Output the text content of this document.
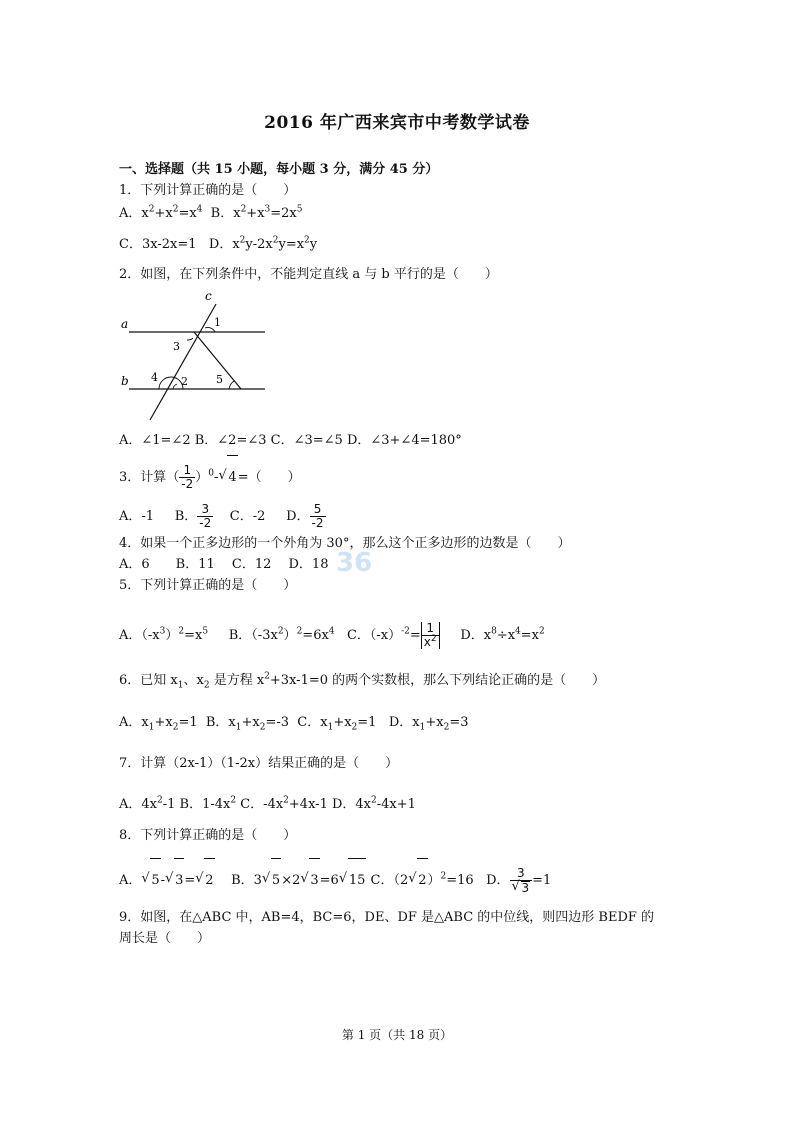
2016 年广西来宾市中考数学试卷
一、选择题（共 15 小题，每小题 3 分，满分 45 分）
1．下列计算正确的是（　　）
A．$x^2+x^2=x^4$ B．$x^2+x^3=2x^5$
C．3x-2x=1 D．$x^2y-2x^2y=x^2y$
2．如图，在下列条件中，不能判定直线 a 与 b 平行的是（　　）
a
b
c
1
2
3
4	5
A．∠1=∠2 B．∠2=∠3 C．∠3=∠5 D．∠3+∠4=180°
3．计算（ $\frac{1}{-2} )^0-√$ 4=（　　）
A．-1 B． $\frac{3}{-2}$ C．-2 D． $\frac{5}{-2}$
4．如果一个正多边形的一个外角为 30°，那么这个正多边形的边数是（　　）
A．6　　B．11　 C．12　 D．18 36
5．下列计算正确的是（　　）
A．$(-x^3)^2=x^5$ B．$(-3x^2)^2=6x^4$ C．$(-x)^{-2}= \frac{1}{x^2}$ D．$x^8\div x^4=x^2$
6．已知 $x_1$、$x_2$ 是方程 $x^2+3x-1=0$ 的两个实数根，那么下列结论正确的是（　　）
A．$x_1+x_2=1$  B．$x_1+x_2=-3$  C．$x_1+x_2=1$   D．$x_1+x_2=3$
7．计算（2x-1）（1-2x）结果正确的是（　　）
A．$4x^2-1$ B．$1-4x^2$ C．$-4x^2+4x-1$ D．$4x^2-4x+1$
8．下列计算正确的是（　　）
A．√ 5-√ 3=√ 2    B．3√ 5×2√ 3=6√ 15 C．（2√ 2）$^2$=16   D． 3
√ 3 =1
9．如图，在△ABC 中，AB=4，BC=6，DE、DF 是△ABC 的中位线，则四边形 BEDF 的
周长是（　　）
第 1 页（共 18 页）
